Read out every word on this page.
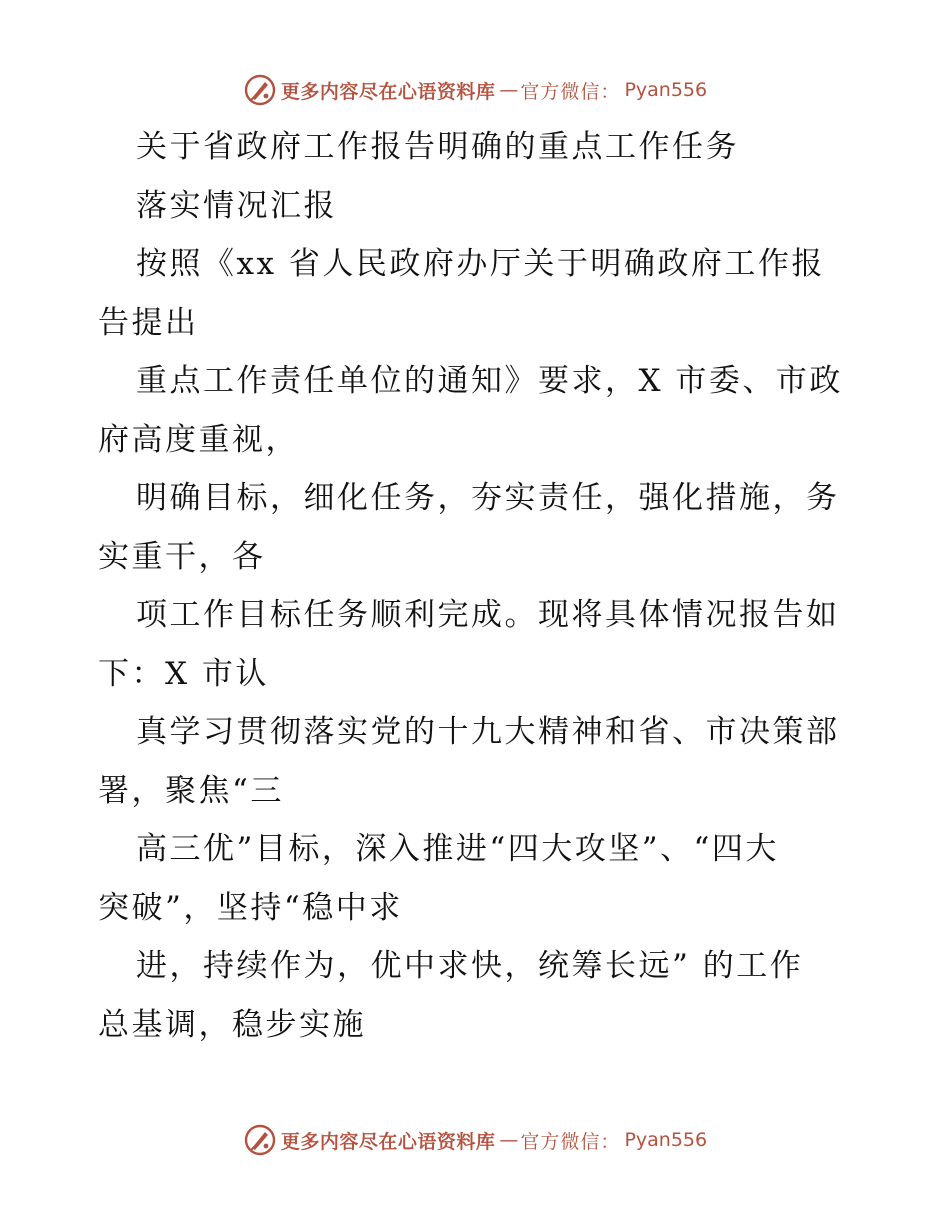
更多内容尽在心语资料库 — 官方微信： Pyan556
关于省政府工作报告明确的重点工作任务
落实情况汇报
按照《xx 省人民政府办厅关于明确政府工作报
告提出
重点工作责任单位的通知》要求，X 市委、市政
府高度重视，
明确目标，细化任务，夯实责任，强化措施，务
实重干，各
项工作目标任务顺利完成。现将具体情况报告如
下：X 市认
真学习贯彻落实党的十九大精神和省、市决策部
署，聚焦“三
高三优”目标，深入推进“四大攻坚”、“四大
突破”，坚持“稳中求
进，持续作为，优中求快，统筹长远” 的工作
总基调，稳步实施
更多内容尽在心语资料库 — 官方微信： Pyan556
